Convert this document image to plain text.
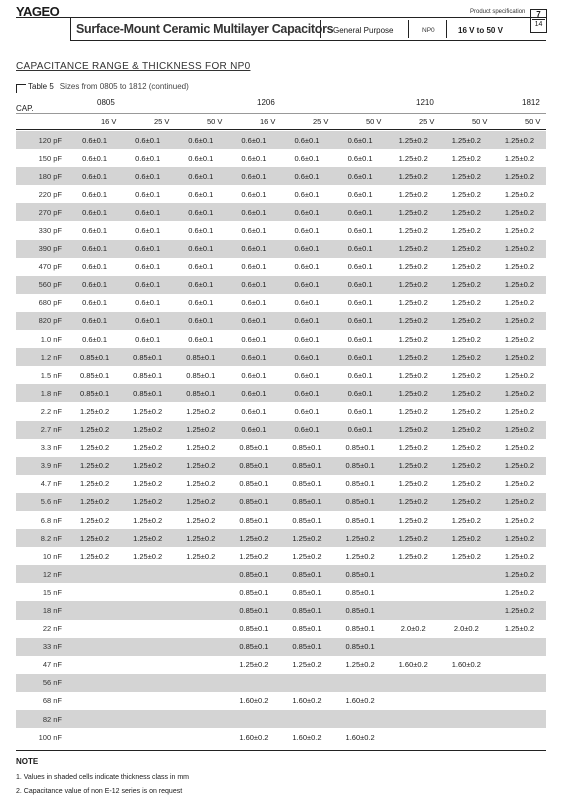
YAGEO	Product specification	7
14
Surface-Mount Ceramic Multilayer Capacitors General Purpose	NP0	16 V to 50 V
CAPACITANCE RANGE & THICKNESS FOR NP0
Table 5 Sizes from 0805 to 1812 (continued)
CAP.
0805	1206	1210	1812
16 V	25 V	50 V	16 V	25 V	50 V	25 V	50 V	50 V
120 pF	0.6±0.1	0.6±0.1	0.6±0.1	0.6±0.1	0.6±0.1	0.6±0.1	1.25±0.2	1.25±0.2	1.25±0.2
150 pF	0.6±0.1	0.6±0.1	0.6±0.1	0.6±0.1	0.6±0.1	0.6±0.1	1.25±0.2	1.25±0.2	1.25±0.2
180 pF	0.6±0.1	0.6±0.1	0.6±0.1	0.6±0.1	0.6±0.1	0.6±0.1	1.25±0.2	1.25±0.2	1.25±0.2
220 pF	0.6±0.1	0.6±0.1	0.6±0.1	0.6±0.1	0.6±0.1	0.6±0.1	1.25±0.2	1.25±0.2	1.25±0.2
270 pF	0.6±0.1	0.6±0.1	0.6±0.1	0.6±0.1	0.6±0.1	0.6±0.1	1.25±0.2	1.25±0.2	1.25±0.2
330 pF	0.6±0.1	0.6±0.1	0.6±0.1	0.6±0.1	0.6±0.1	0.6±0.1	1.25±0.2	1.25±0.2	1.25±0.2
390 pF	0.6±0.1	0.6±0.1	0.6±0.1	0.6±0.1	0.6±0.1	0.6±0.1	1.25±0.2	1.25±0.2	1.25±0.2
470 pF	0.6±0.1	0.6±0.1	0.6±0.1	0.6±0.1	0.6±0.1	0.6±0.1	1.25±0.2	1.25±0.2	1.25±0.2
560 pF	0.6±0.1	0.6±0.1	0.6±0.1	0.6±0.1	0.6±0.1	0.6±0.1	1.25±0.2	1.25±0.2	1.25±0.2
680 pF	0.6±0.1	0.6±0.1	0.6±0.1	0.6±0.1	0.6±0.1	0.6±0.1	1.25±0.2	1.25±0.2	1.25±0.2
820 pF	0.6±0.1	0.6±0.1	0.6±0.1	0.6±0.1	0.6±0.1	0.6±0.1	1.25±0.2	1.25±0.2	1.25±0.2
1.0 nF	0.6±0.1	0.6±0.1	0.6±0.1	0.6±0.1	0.6±0.1	0.6±0.1	1.25±0.2	1.25±0.2	1.25±0.2
1.2 nF	0.85±0.1	0.85±0.1	0.85±0.1	0.6±0.1	0.6±0.1	0.6±0.1	1.25±0.2	1.25±0.2	1.25±0.2
1.5 nF	0.85±0.1	0.85±0.1	0.85±0.1	0.6±0.1	0.6±0.1	0.6±0.1	1.25±0.2	1.25±0.2	1.25±0.2
1.8 nF	0.85±0.1	0.85±0.1	0.85±0.1	0.6±0.1	0.6±0.1	0.6±0.1	1.25±0.2	1.25±0.2	1.25±0.2
2.2 nF	1.25±0.2	1.25±0.2	1.25±0.2	0.6±0.1	0.6±0.1	0.6±0.1	1.25±0.2	1.25±0.2	1.25±0.2
2.7 nF	1.25±0.2	1.25±0.2	1.25±0.2	0.6±0.1	0.6±0.1	0.6±0.1	1.25±0.2	1.25±0.2	1.25±0.2
3.3 nF	1.25±0.2	1.25±0.2	1.25±0.2	0.85±0.1	0.85±0.1	0.85±0.1	1.25±0.2	1.25±0.2	1.25±0.2
3.9 nF	1.25±0.2	1.25±0.2	1.25±0.2	0.85±0.1	0.85±0.1	0.85±0.1	1.25±0.2	1.25±0.2	1.25±0.2
4.7 nF	1.25±0.2	1.25±0.2	1.25±0.2	0.85±0.1	0.85±0.1	0.85±0.1	1.25±0.2	1.25±0.2	1.25±0.2
5.6 nF	1.25±0.2	1.25±0.2	1.25±0.2	0.85±0.1	0.85±0.1	0.85±0.1	1.25±0.2	1.25±0.2	1.25±0.2
6.8 nF	1.25±0.2	1.25±0.2	1.25±0.2	0.85±0.1	0.85±0.1	0.85±0.1	1.25±0.2	1.25±0.2	1.25±0.2
8.2 nF	1.25±0.2	1.25±0.2	1.25±0.2	1.25±0.2	1.25±0.2	1.25±0.2	1.25±0.2	1.25±0.2	1.25±0.2
10 nF	1.25±0.2	1.25±0.2	1.25±0.2	1.25±0.2	1.25±0.2	1.25±0.2	1.25±0.2	1.25±0.2	1.25±0.2
12 nF				0.85±0.1	0.85±0.1	0.85±0.1			1.25±0.2
15 nF				0.85±0.1	0.85±0.1	0.85±0.1			1.25±0.2
18 nF				0.85±0.1	0.85±0.1	0.85±0.1			1.25±0.2
22 nF				0.85±0.1	0.85±0.1	0.85±0.1	2.0±0.2	2.0±0.2	1.25±0.2
33 nF				0.85±0.1	0.85±0.1	0.85±0.1			
47 nF				1.25±0.2	1.25±0.2	1.25±0.2	1.60±0.2	1.60±0.2	
56 nF									
68 nF				1.60±0.2	1.60±0.2	1.60±0.2			
82 nF									
100 nF				1.60±0.2	1.60±0.2	1.60±0.2			
NOTE
1. Values in shaded cells indicate thickness class in mm
2. Capacitance value of non E-12 series is on request
